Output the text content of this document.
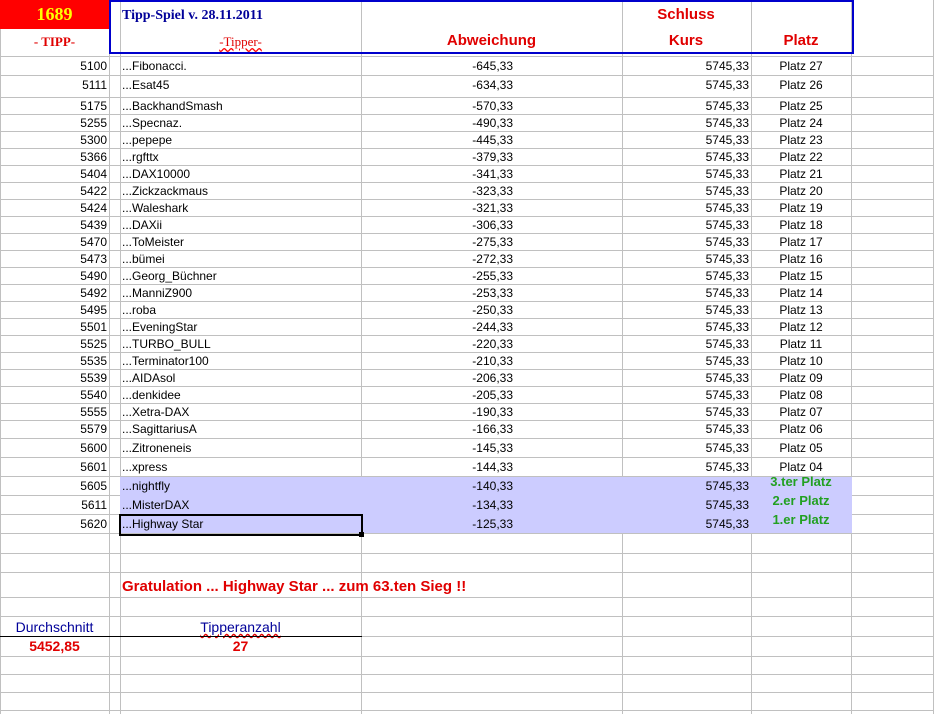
1689	Tipp-Spiel v. 28.11.2011	Schluss
- TIPP-	-Tipper-	Abweichung	Kurs	Platz
5100 ...Fibonacci.	-645,33	5745,33	Platz 27
5111 ...Esat45	-634,33	5745,33	Platz 26
5175 ...BackhandSmash	-570,33	5745,33	Platz 25
5255 ...Specnaz.	-490,33	5745,33	Platz 24
5300 ...pepepe	-445,33	5745,33	Platz 23
5366 ...rgfttx	-379,33	5745,33	Platz 22
5404 ...DAX10000	-341,33	5745,33	Platz 21
5422 ...Zickzackmaus	-323,33	5745,33	Platz 20
5424 ...Waleshark	-321,33	5745,33	Platz 19
5439 ...DAXii	-306,33	5745,33	Platz 18
5470 ...ToMeister	-275,33	5745,33	Platz 17
5473 ...bümei	-272,33	5745,33	Platz 16
5490 ...Georg_Büchner	-255,33	5745,33	Platz 15
5492 ...ManniZ900	-253,33	5745,33	Platz 14
5495 ...roba	-250,33	5745,33	Platz 13
5501 ...EveningStar	-244,33	5745,33	Platz 12
5525 ...TURBO_BULL	-220,33	5745,33	Platz 11
5535 ...Terminator100	-210,33	5745,33	Platz 10
5539 ...AIDAsol	-206,33	5745,33	Platz 09
5540 ...denkidee	-205,33	5745,33	Platz 08
5555 ...Xetra-DAX	-190,33	5745,33	Platz 07
5579 ...SagittariusA	-166,33	5745,33	Platz 06
5600 ...Zitroneneis	-145,33	5745,33	Platz 05
5601 ...xpress	-144,33	5745,33	Platz 04
5605 ...nightfly	-140,33	5745,33	3.ter Platz
5611 ...MisterDAX	-134,33	5745,33	2.er Platz
5620 ...Highway Star	-125,33	5745,33	1.er Platz
Gratulation ... Highway Star ... zum 63.ten Sieg !!
Durchschnitt	Tipperanzahl
5452,85	27
